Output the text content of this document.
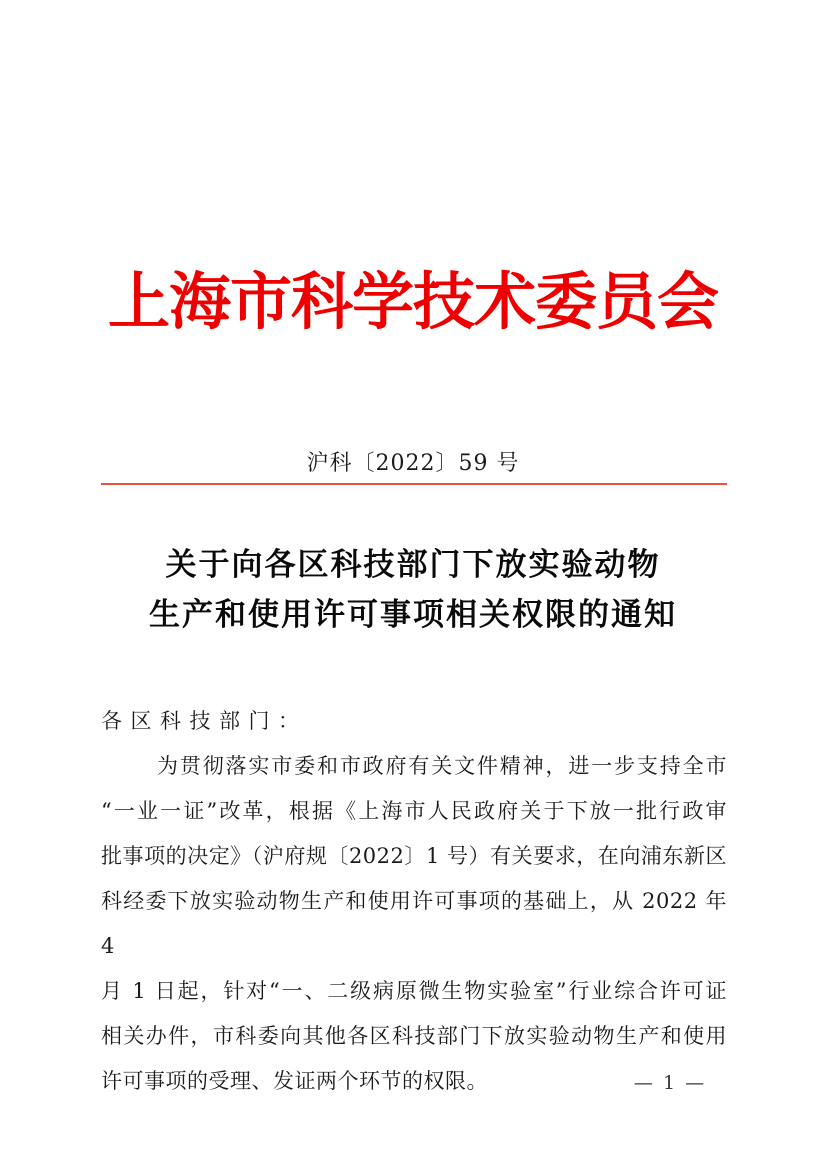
上海市科学技术委员会
沪科〔2022〕59 号
关于向各区科技部门下放实验动物
生产和使用许可事项相关权限的通知
各区科技部门：
为贯彻落实市委和市政府有关文件精神，进一步支持全市
“一业一证”改革，根据《上海市人民政府关于下放一批行政审
批事项的决定》（沪府规〔2022〕1 号）有关要求，在向浦东新区
科经委下放实验动物生产和使用许可事项的基础上，从 2022 年 4
月 1 日起，针对“一、二级病原微生物实验室”行业综合许可证
相关办件，市科委向其他各区科技部门下放实验动物生产和使用
许可事项的受理、发证两个环节的权限。	— 1 —
